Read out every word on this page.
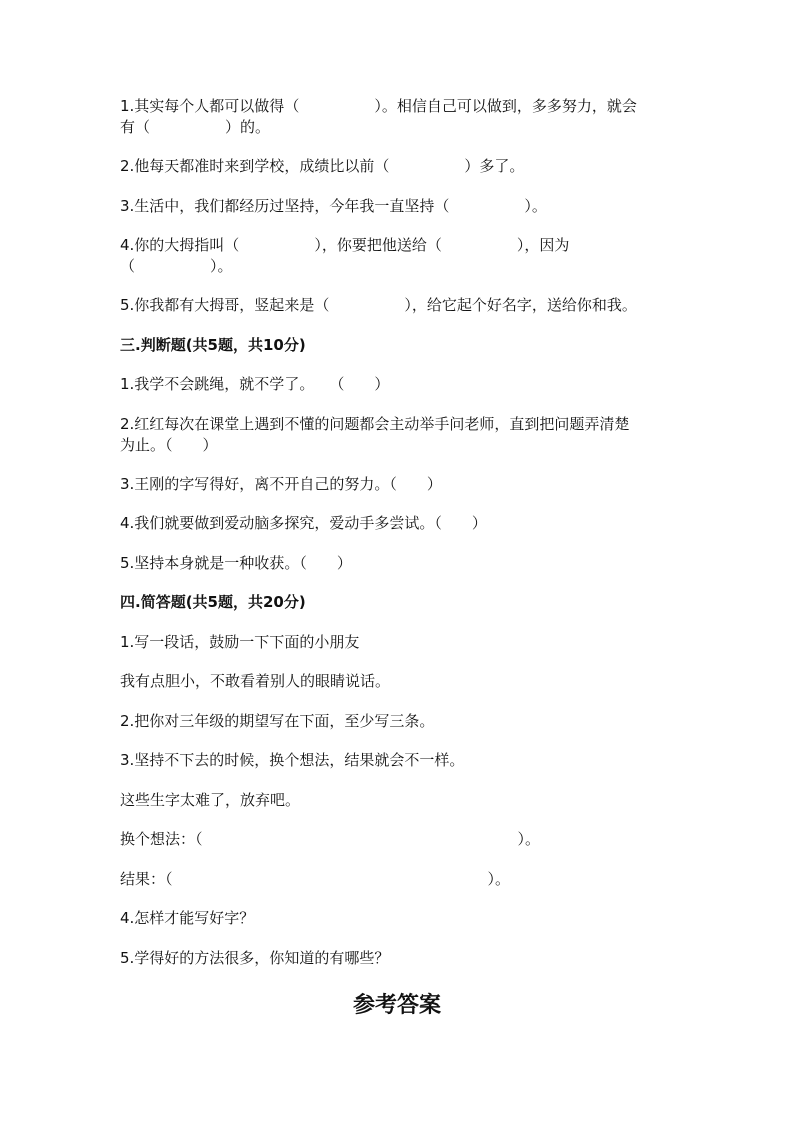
1.其实每个人都可以做得（　　　　　）。相信自己可以做到，多多努力，就会
有（　　　　　）的。
2.他每天都准时来到学校，成绩比以前（　　　　　）多了。
3.生活中，我们都经历过坚持，今年我一直坚持（　　　　　）。
4.你的大拇指叫（　　　　　），你要把他送给（　　　　　），因为
（　　　　　）。
5.你我都有大拇哥，竖起来是（　　　　　），给它起个好名字，送给你和我。
三.判断题(共5题，共10分)
1.我学不会跳绳，就不学了。　　（　　）
2.红红每次在课堂上遇到不懂的问题都会主动举手问老师，直到把问题弄清楚
为止。（　　）
3.王刚的字写得好，离不开自己的努力。（　　）
4.我们就要做到爱动脑多探究，爱动手多尝试。（　　）
5.坚持本身就是一种收获。（　　）
四.简答题(共5题，共20分)
1.写一段话，鼓励一下下面的小朋友
我有点胆小，不敢看着别人的眼睛说话。
2.把你对三年级的期望写在下面，至少写三条。
3.坚持不下去的时候，换个想法，结果就会不一样。
这些生字太难了，放弃吧。
换个想法：（　　　　　　　　　　　　　　　　　　　　　）。
结果：（　　　　　　　　　　　　　　　　　　　　　）。
4.怎样才能写好字？
5.学得好的方法很多，你知道的有哪些？
参考答案
